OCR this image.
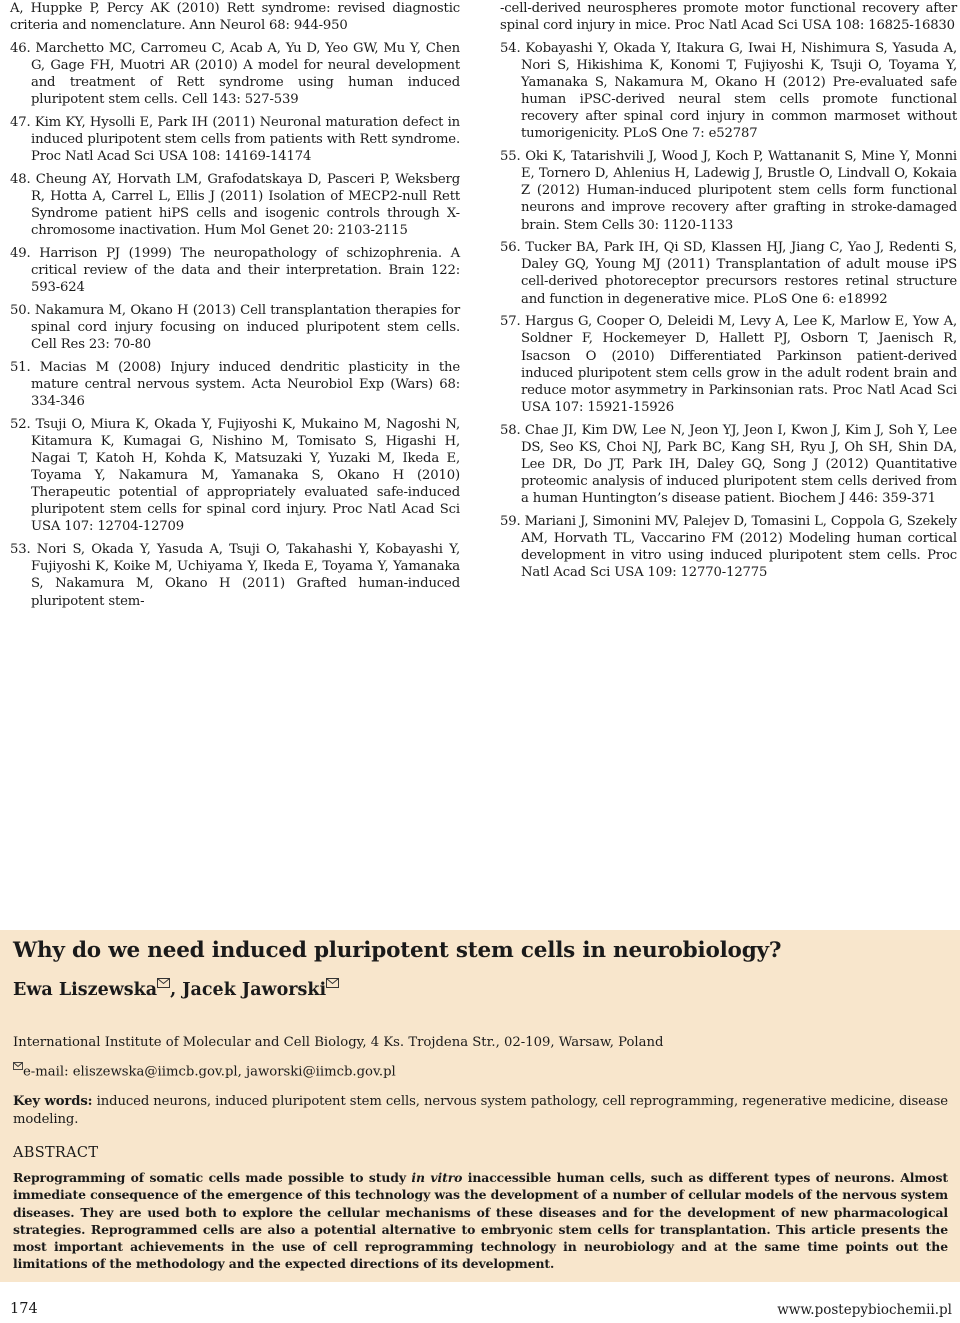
A, Huppke P, Percy AK (2010) Rett syndrome: revised diagnostic criteria and nomenclature. Ann Neurol 68: 944-950

46. Marchetto MC, Carromeu C, Acab A, Yu D, Yeo GW, Mu Y, Chen G, Gage FH, Muotri AR (2010) A model for neural development and treatment of Rett syndrome using human induced pluripotent stem cells. Cell 143: 527-539

47. Kim KY, Hysolli E, Park IH (2011) Neuronal maturation defect in induced pluripotent stem cells from patients with Rett syndrome. Proc Natl Acad Sci USA 108: 14169-14174

48. Cheung AY, Horvath LM, Grafodatskaya D, Pasceri P, Weksberg R, Hotta A, Carrel L, Ellis J (2011) Isolation of MECP2-null Rett Syndrome patient hiPS cells and isogenic controls through X-chromosome inactivation. Hum Mol Genet 20: 2103-2115

49. Harrison PJ (1999) The neuropathology of schizophrenia. A critical review of the data and their interpretation. Brain 122: 593-624

50. Nakamura M, Okano H (2013) Cell transplantation therapies for spinal cord injury focusing on induced pluripotent stem cells. Cell Res 23: 70-80

51. Macias M (2008) Injury induced dendritic plasticity in the mature central nervous system. Acta Neurobiol Exp (Wars) 68: 334-346

52. Tsuji O, Miura K, Okada Y, Fujiyoshi K, Mukaino M, Nagoshi N, Kitamura K, Kumagai G, Nishino M, Tomisato S, Higashi H, Nagai T, Katoh H, Kohda K, Matsuzaki Y, Yuzaki M, Ikeda E, Toyama Y, Nakamura M, Yamanaka S, Okano H (2010) Therapeutic potential of appropriately evaluated safe-induced pluripotent stem cells for spinal cord injury. Proc Natl Acad Sci USA 107: 12704-12709

53. Nori S, Okada Y, Yasuda A, Tsuji O, Takahashi Y, Kobayashi Y, Fujiyoshi K, Koike M, Uchiyama Y, Ikeda E, Toyama Y, Yamanaka S, Nakamura M, Okano H (2011) Grafted human-induced pluripotent stem-

-cell-derived neurospheres promote motor functional recovery after spinal cord injury in mice. Proc Natl Acad Sci USA 108: 16825-16830

54. Kobayashi Y, Okada Y, Itakura G, Iwai H, Nishimura S, Yasuda A, Nori S, Hikishima K, Konomi T, Fujiyoshi K, Tsuji O, Toyama Y, Yamanaka S, Nakamura M, Okano H (2012) Pre-evaluated safe human iPSC-derived neural stem cells promote functional recovery after spinal cord injury in common marmoset without tumorigenicity. PLoS One 7: e52787

55. Oki K, Tatarishvili J, Wood J, Koch P, Wattananit S, Mine Y, Monni E, Tornero D, Ahlenius H, Ladewig J, Brustle O, Lindvall O, Kokaia Z (2012) Human-induced pluripotent stem cells form functional neurons and improve recovery after grafting in stroke-damaged brain. Stem Cells 30: 1120-1133

56. Tucker BA, Park IH, Qi SD, Klassen HJ, Jiang C, Yao J, Redenti S, Daley GQ, Young MJ (2011) Transplantation of adult mouse iPS cell-derived photoreceptor precursors restores retinal structure and function in degenerative mice. PLoS One 6: e18992

57. Hargus G, Cooper O, Deleidi M, Levy A, Lee K, Marlow E, Yow A, Soldner F, Hockemeyer D, Hallett PJ, Osborn T, Jaenisch R, Isacson O (2010) Differentiated Parkinson patient-derived induced pluripotent stem cells grow in the adult rodent brain and reduce motor asymmetry in Parkinsonian rats. Proc Natl Acad Sci USA 107: 15921-15926

58. Chae JI, Kim DW, Lee N, Jeon YJ, Jeon I, Kwon J, Kim J, Soh Y, Lee DS, Seo KS, Choi NJ, Park BC, Kang SH, Ryu J, Oh SH, Shin DA, Lee DR, Do JT, Park IH, Daley GQ, Song J (2012) Quantitative proteomic analysis of induced pluripotent stem cells derived from a human Huntington’s disease patient. Biochem J 446: 359-371

59. Mariani J, Simonini MV, Palejev D, Tomasini L, Coppola G, Szekely AM, Horvath TL, Vaccarino FM (2012) Modeling human cortical development in vitro using induced pluripotent stem cells. Proc Natl Acad Sci USA 109: 12770-12775

Why do we need induced pluripotent stem cells in neurobiology?

Ewa Liszewska , Jacek Jaworski

International Institute of Molecular and Cell Biology, 4 Ks. Trojdena Str., 02-109, Warsaw, Poland

e-mail: eliszewska@iimcb.gov.pl, jaworski@iimcb.gov.pl

Key words: induced neurons, induced pluripotent stem cells, nervous system pathology, cell reprogramming, regenerative medicine, disease modeling.

ABSTRACT

Reprogramming of somatic cells made possible to study in vitro inaccessible human cells, such as different types of neurons. Almost immediate consequence of the emergence of this technology was the development of a number of cellular models of the nervous system diseases. They are used both to explore the cellular mechanisms of these diseases and for the development of new pharmacological strategies. Reprogrammed cells are also a potential alternative to embryonic stem cells for transplantation. This article presents the most important achievements in the use of cell reprogramming technology in neurobiology and at the same time points out the limitations of the methodology and the expected directions of its development.

174	www.postepybiochemii.pl
